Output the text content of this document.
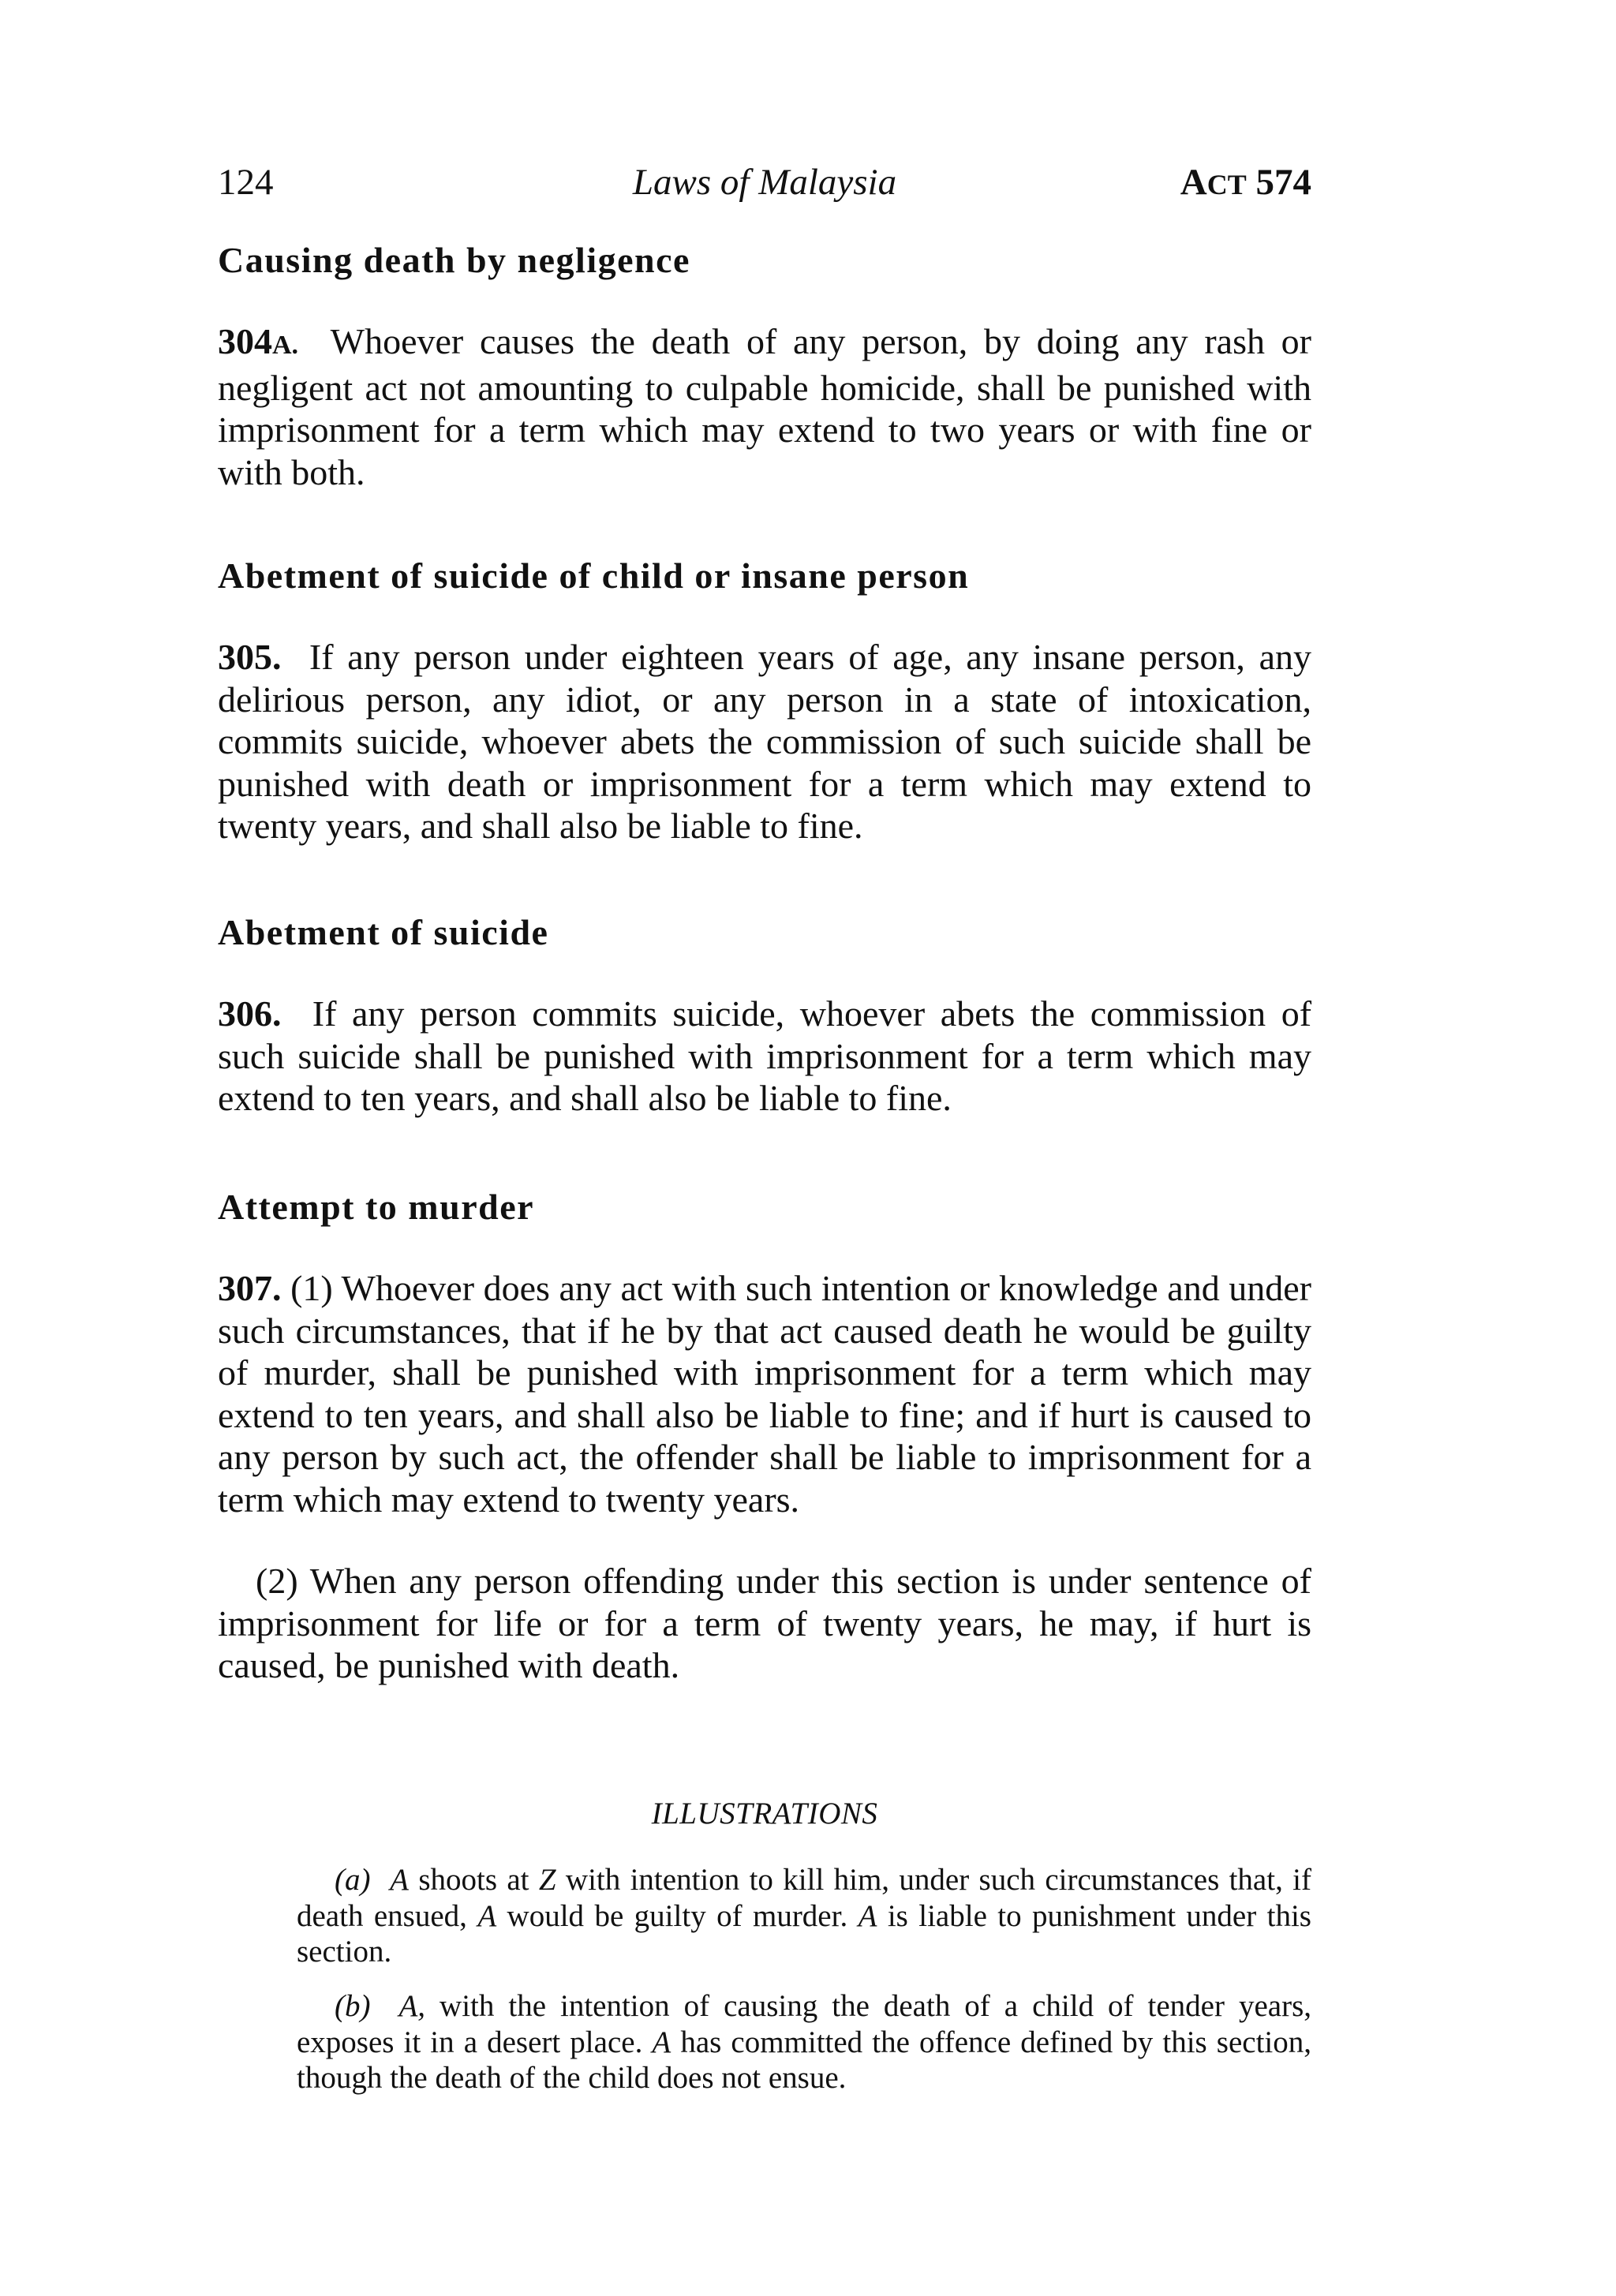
124	Laws of Malaysia	ACT 574

Causing death by negligence

304A. Whoever causes the death of any person, by doing any rash or negligent act not amounting to culpable homicide, shall be punished with imprisonment for a term which may extend to two years or with fine or with both.

Abetment of suicide of child or insane person

305. If any person under eighteen years of age, any insane person, any delirious person, any idiot, or any person in a state of intoxication, commits suicide, whoever abets the commission of such suicide shall be punished with death or imprisonment for a term which may extend to twenty years, and shall also be liable to fine.

Abetment of suicide

306. If any person commits suicide, whoever abets the commission of such suicide shall be punished with imprisonment for a term which may extend to ten years, and shall also be liable to fine.

Attempt to murder

307. (1) Whoever does any act with such intention or knowledge and under such circumstances, that if he by that act caused death he would be guilty of murder, shall be punished with imprisonment for a term which may extend to ten years, and shall also be liable to fine; and if hurt is caused to any person by such act, the offender shall be liable to imprisonment for a term which may extend to twenty years.

(2) When any person offending under this section is under sentence of imprisonment for life or for a term of twenty years, he may, if hurt is caused, be punished with death.

ILLUSTRATIONS

(a) A shoots at Z with intention to kill him, under such circumstances that, if death ensued, A would be guilty of murder. A is liable to punishment under this section.

(b) A, with the intention of causing the death of a child of tender years, exposes it in a desert place. A has committed the offence defined by this section, though the death of the child does not ensue.
